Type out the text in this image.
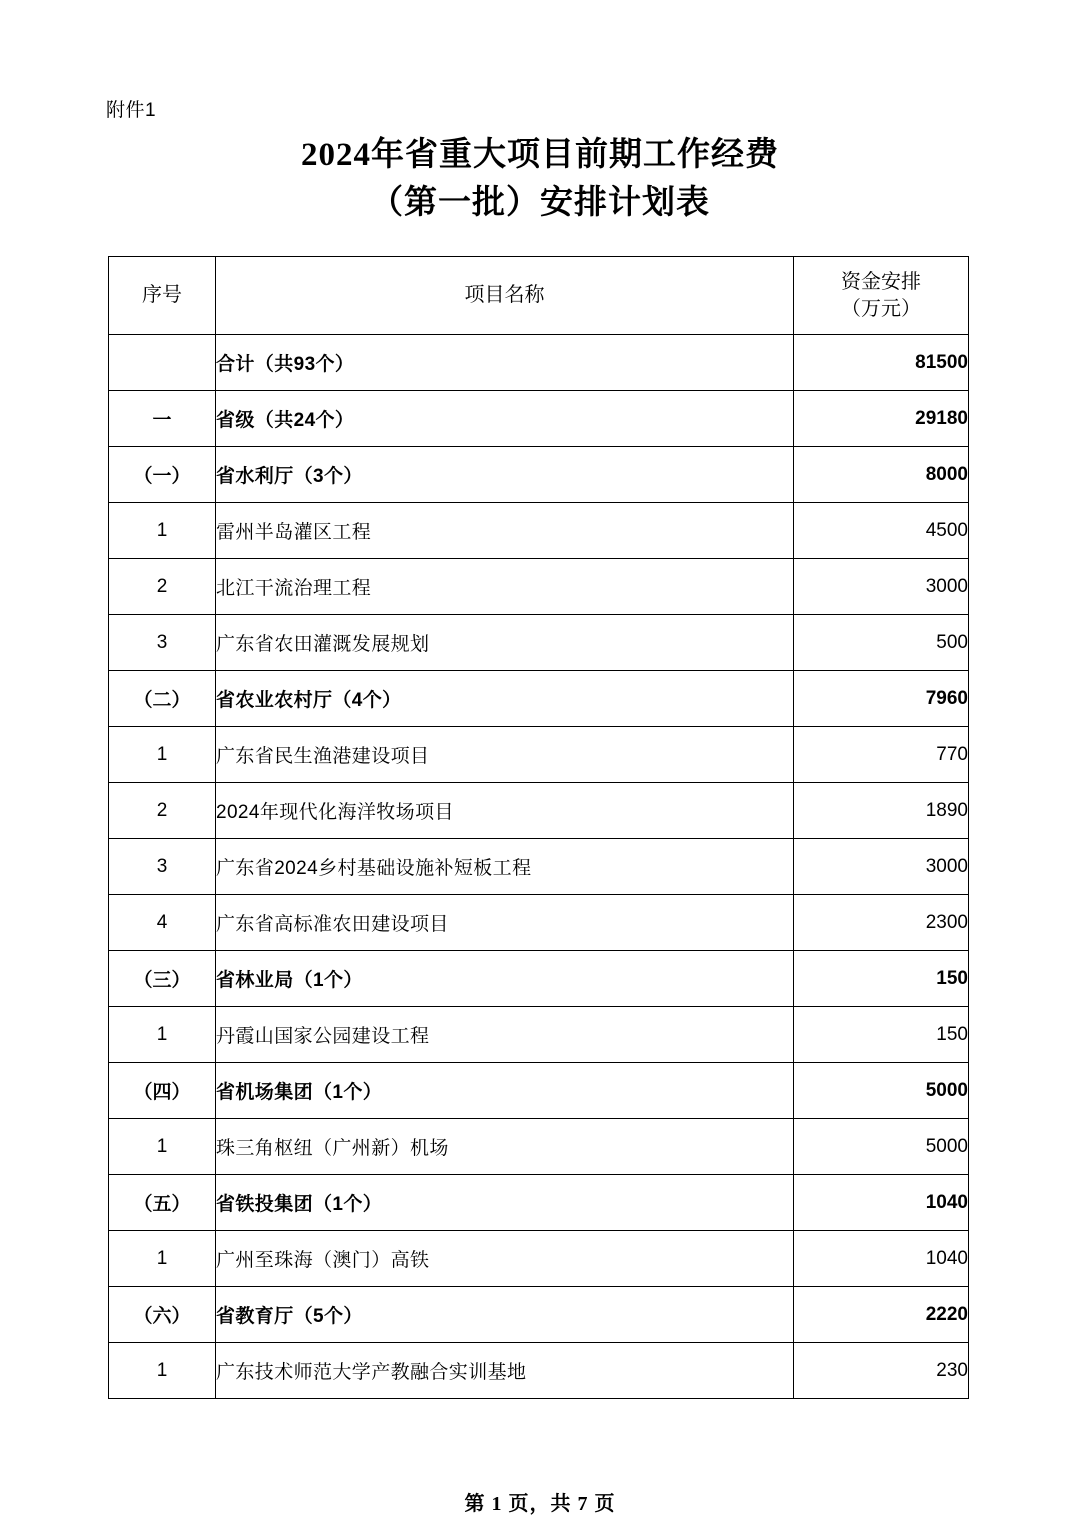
附件1
2024年省重大项目前期工作经费
（第一批）安排计划表
序号	项目名称	资金安排
（万元）

	合计（共93个）	81500
一	省级（共24个）	29180
（一）	省水利厅（3个）	8000
1	雷州半岛灌区工程	4500
2	北江干流治理工程	3000
3	广东省农田灌溉发展规划	500
（二）	省农业农村厅（4个）	7960
1	广东省民生渔港建设项目	770
2	2024年现代化海洋牧场项目	1890
3	广东省2024乡村基础设施补短板工程	3000
4	广东省高标准农田建设项目	2300
（三）	省林业局（1个）	150
1	丹霞山国家公园建设工程	150
（四）	省机场集团（1个）	5000
1	珠三角枢纽（广州新）机场	5000
（五）	省铁投集团（1个）	1040
1	广州至珠海（澳门）高铁	1040
（六）	省教育厅（5个）	2220
1	广东技术师范大学产教融合实训基地	230
第 1 页，共 7 页
